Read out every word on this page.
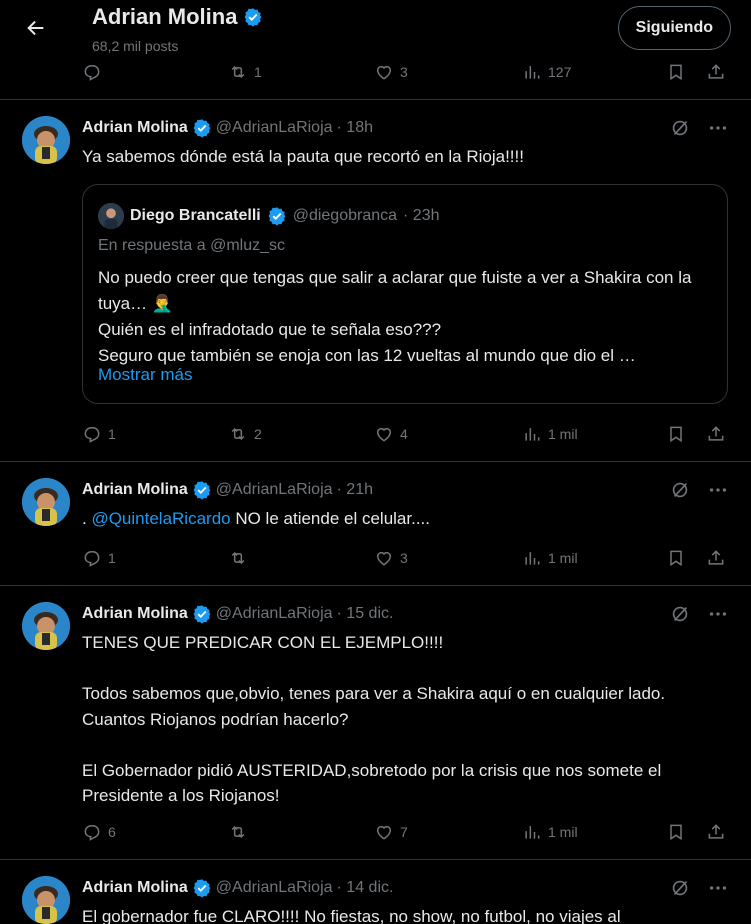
Adrian Molina
68,2 mil posts
Siguiendo
1	3	127
Adrian Molina @AdrianLaRioja · 18h
Ya sabemos dónde está la pauta que recortó en la Rioja!!!!
Diego Brancatelli @diegobranca · 23h
En respuesta a @mluz_sc
No puedo creer que tengas que salir a aclarar que fuiste a ver a Shakira con la tuya… 🤦‍♂️
Quién es el infradotado que te señala eso???
Seguro que también se enoja con las 12 vueltas al mundo que dio el …
Mostrar más
1	2	4	1 mil
Adrian Molina @AdrianLaRioja · 21h
. @QuintelaRicardo NO le atiende el celular....
1	3	1 mil
Adrian Molina @AdrianLaRioja · 15 dic.
TENES QUE PREDICAR CON EL EJEMPLO!!!!

Todos sabemos que,obvio, tenes para ver a Shakira aquí o en cualquier lado. Cuantos Riojanos podrían hacerlo?

El Gobernador pidió AUSTERIDAD,sobretodo por la crisis que nos somete el Presidente a los Riojanos!
6	7	1 mil
Adrian Molina @AdrianLaRioja · 14 dic.
El gobernador fue CLARO!!!! No fiestas, no show, no futbol, no viajes al
